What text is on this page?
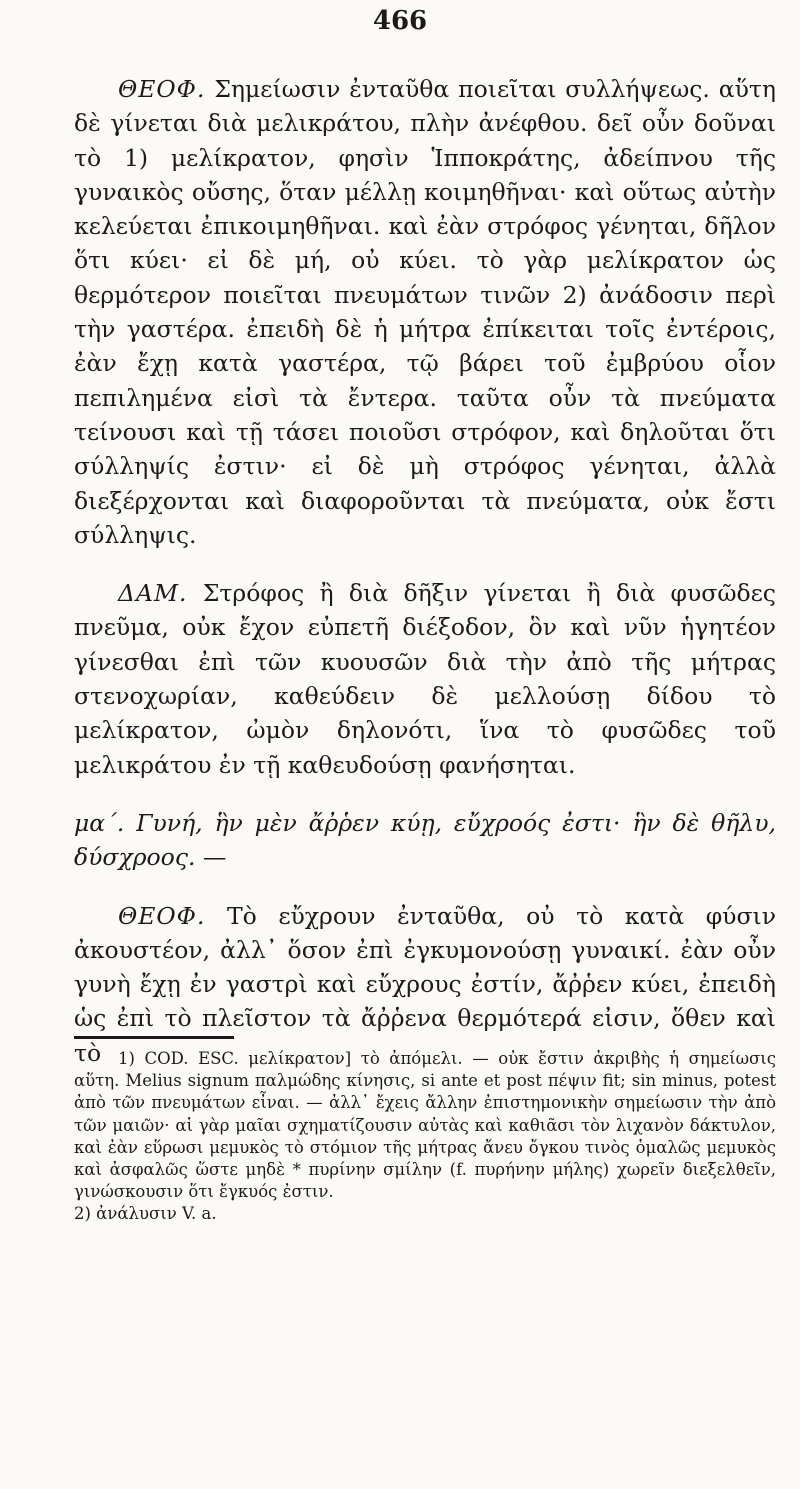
466

ΘΕΟΦ. Σημείωσιν ἐνταῦθα ποιεῖται συλλήψεως. αὕτη δὲ γίνεται διὰ μελικράτου, πλὴν ἀνέφθου. δεῖ οὖν δοῦναι τὸ 1) μελίκρατον, φησὶν Ἱπποκράτης, ἀδείπνου τῆς γυναικὸς οὔσης, ὅταν μέλλῃ κοιμηθῆναι· καὶ οὕτως αὐτὴν κελεύεται ἐπικοιμηθῆναι. καὶ ἐὰν στρόφος γένηται, δῆλον ὅτι κύει· εἰ δὲ μή, οὐ κύει. τὸ γὰρ μελίκρατον ὡς θερμότερον ποιεῖται πνευμάτων τινῶν 2) ἀνάδοσιν περὶ τὴν γαστέρα. ἐπειδὴ δὲ ἡ μήτρα ἐπίκειται τοῖς ἐντέροις, ἐὰν ἔχῃ κατὰ γαστέρα, τῷ βάρει τοῦ ἐμβρύου οἷον πεπιλημένα εἰσὶ τὰ ἔντερα. ταῦτα οὖν τὰ πνεύματα τείνουσι καὶ τῇ τάσει ποιοῦσι στρόφον, καὶ δηλοῦται ὅτι σύλληψίς ἐστιν· εἰ δὲ μὴ στρόφος γένηται, ἀλλὰ διεξέρχονται καὶ διαφοροῦνται τὰ πνεύματα, οὐκ ἔστι σύλληψις.

ΔΑΜ. Στρόφος ἢ διὰ δῆξιν γίνεται ἢ διὰ φυσῶδες πνεῦμα, οὐκ ἔχον εὐπετῆ διέξοδον, ὃν καὶ νῦν ἡγητέον γίνεσθαι ἐπὶ τῶν κυουσῶν διὰ τὴν ἀπὸ τῆς μήτρας στενοχωρίαν, καθεύδειν δὲ μελλούσῃ δίδου τὸ μελίκρατον, ὠμὸν δηλονότι, ἵνα τὸ φυσῶδες τοῦ μελικράτου ἐν τῇ καθευδούσῃ φανήσηται.

μα΄. Γυνή, ἣν μὲν ἄῤῥεν κύῃ, εὔχροός ἐστι· ἣν δὲ θῆλυ, δύσχροος. —

ΘΕΟΦ. Τὸ εὔχρουν ἐνταῦθα, οὐ τὸ κατὰ φύσιν ἀκουστέον, ἀλλ᾽ ὅσον ἐπὶ ἐγκυμονούσῃ γυναικί. ἐὰν οὖν γυνὴ ἔχῃ ἐν γαστρὶ καὶ εὔχρους ἐστίν, ἄῤῥεν κύει, ἐπειδὴ ὡς ἐπὶ τὸ πλεῖστον τὰ ἄῤῥενα θερμότερά εἰσιν, ὅθεν καὶ τὸ	1) COD. ESC. μελίκρατον] τὸ ἀπόμελι. — οὐκ ἔστιν ἀκριβὴς ἡ σημείωσις αὕτη. Melius signum παλμώδης κίνησις, si ante et post πέψιν fit; sin minus, potest ἀπὸ τῶν πνευμάτων εἶναι. — ἀλλ᾽ ἔχεις ἄλλην ἐπιστημονικὴν σημείωσιν τὴν ἀπὸ τῶν μαιῶν· αἱ γὰρ μαῖαι σχηματίζουσιν αὐτὰς καὶ καθιᾶσι τὸν λιχανὸν δάκτυλον, καὶ ἐὰν εὕρωσι μεμυκὸς τὸ στόμιον τῆς μήτρας ἄνευ ὄγκου τινὸς ὁμαλῶς μεμυκὸς καὶ ἀσφαλῶς ὥστε μηδὲ * πυρίνην σμίλην (f. πυρήνην μήλης) χωρεῖν διεξελθεῖν, γινώσκουσιν ὅτι ἔγκυός ἐστιν.

2) ἀνάλυσιν V. a.
